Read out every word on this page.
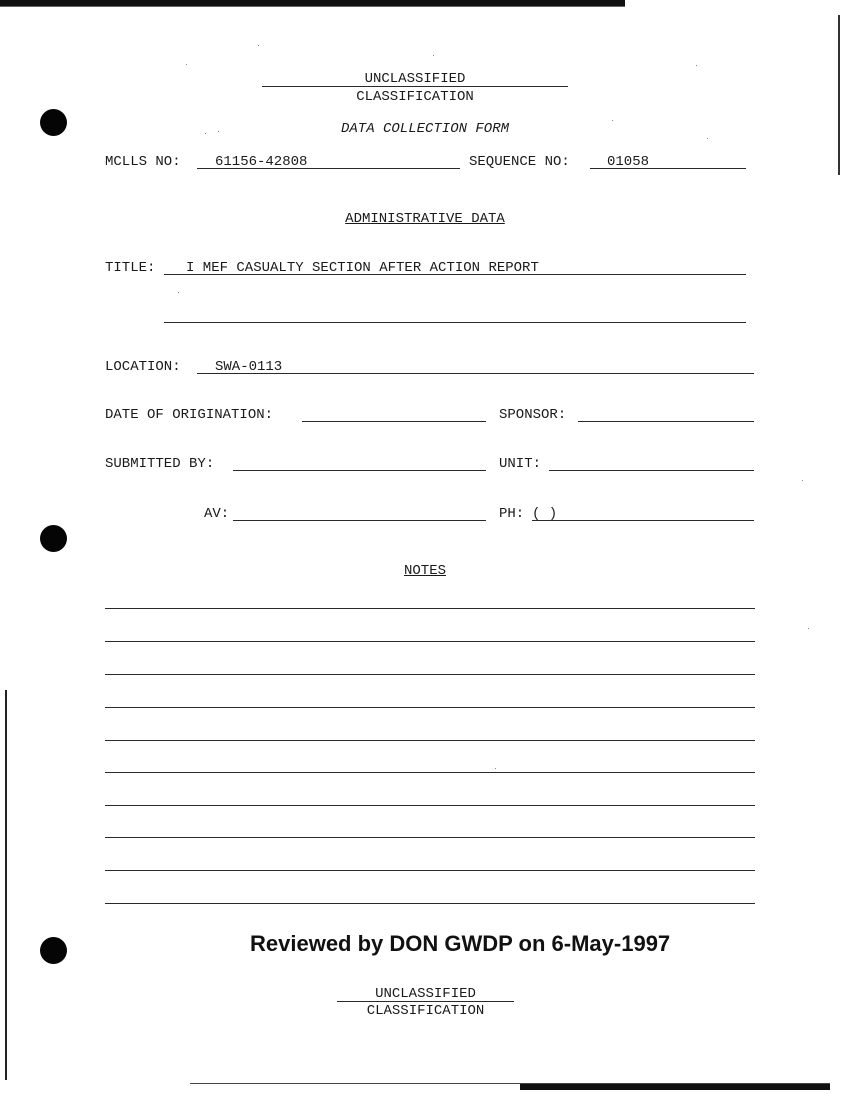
UNCLASSIFIED
CLASSIFICATION
DATA COLLECTION FORM
MCLLS NO: 61156-42808	SEQUENCE NO:	01058
ADMINISTRATIVE DATA
TITLE: I MEF CASUALTY SECTION AFTER ACTION REPORT
LOCATION: SWA-0113
DATE OF ORIGINATION:	SPONSOR:
SUBMITTED BY:	UNIT:
AV:	PH: ( )
NOTES
Reviewed by DON GWDP on 6-May-1997
UNCLASSIFIED
CLASSIFICATION
